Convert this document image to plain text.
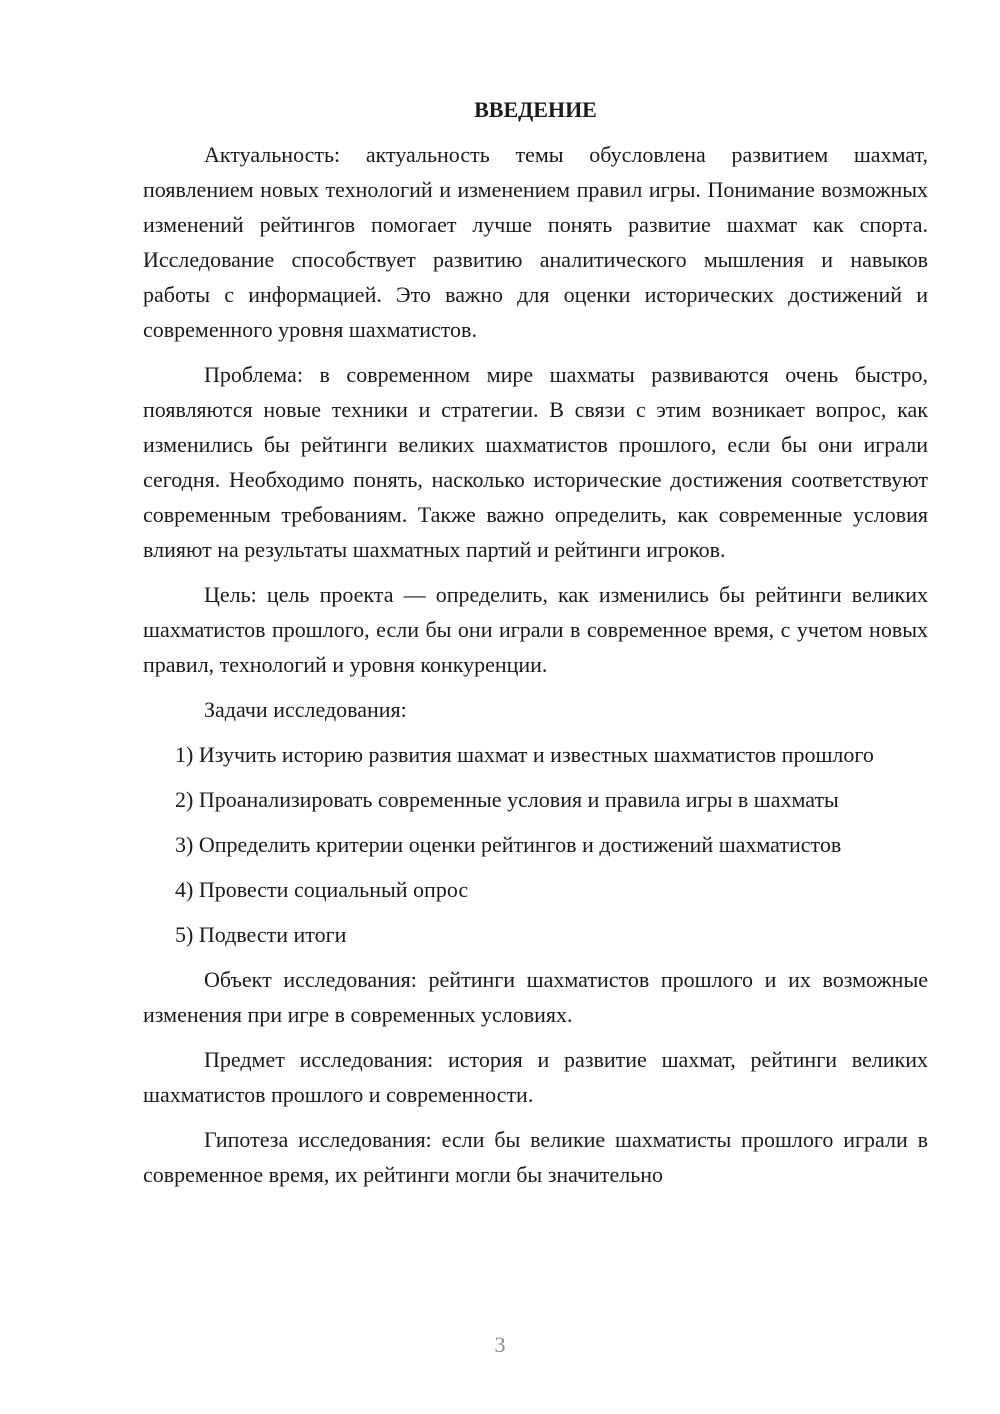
ВВЕДЕНИЕ

Актуальность: актуальность темы обусловлена развитием шахмат, появлением новых технологий и изменением правил игры. Понимание возможных изменений рейтингов помогает лучше понять развитие шахмат как спорта. Исследование способствует развитию аналитического мышления и навыков работы с информацией. Это важно для оценки исторических достижений и современного уровня шахматистов.

Проблема: в современном мире шахматы развиваются очень быстро, появляются новые техники и стратегии. В связи с этим возникает вопрос, как изменились бы рейтинги великих шахматистов прошлого, если бы они играли сегодня. Необходимо понять, насколько исторические достижения соответствуют современным требованиям. Также важно определить, как современные условия влияют на результаты шахматных партий и рейтинги игроков.

Цель: цель проекта — определить, как изменились бы рейтинги великих шахматистов прошлого, если бы они играли в современное время, с учетом новых правил, технологий и уровня конкуренции.

Задачи исследования:

1) Изучить историю развития шахмат и известных шахматистов прошлого

2) Проанализировать современные условия и правила игры в шахматы

3) Определить критерии оценки рейтингов и достижений шахматистов

4) Провести социальный опрос

5) Подвести итоги

Объект исследования: рейтинги шахматистов прошлого и их возможные изменения при игре в современных условиях.

Предмет исследования: история и развитие шахмат, рейтинги великих шахматистов прошлого и современности.

Гипотеза исследования: если бы великие шахматисты прошлого играли в современное время, их рейтинги могли бы значительно

3
